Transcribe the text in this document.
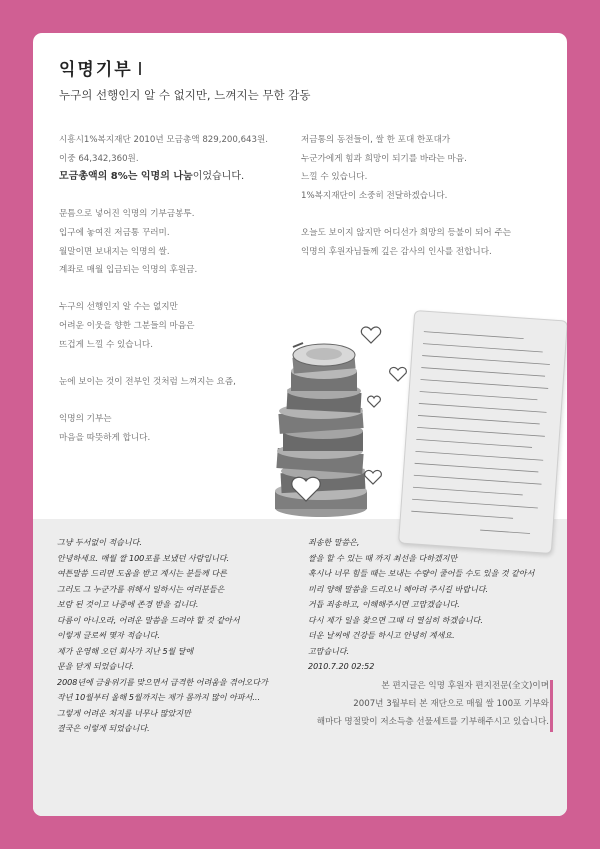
익명기부
누구의 선행인지 알 수 없지만, 느껴지는 무한 감동

시흥시1%복지재단 2010년 모금총액 829,200,643원.

이중 64,342,360원.

모금총액의 8%는 익명의 나눔이었습니다.

문틈으로 넣어진 익명의 기부금봉투.

입구에 놓여진 저금통 꾸러미.

월말이면 보내지는 익명의 쌀.

계좌로 매월 입금되는 익명의 후원금.

누구의 선행인지 알 수는 없지만

어려운 이웃을 향한 그분들의 마음은

뜨겁게 느낄 수 있습니다.

눈에 보이는 것이 전부인 것처럼 느껴지는 요즘,

익명의 기부는

마음을 따뜻하게 합니다.

저금통의 동전들이, 쌀 한 포대 한포대가

누군가에게 힘과 희망이 되기를 바라는 마음.

느낄 수 있습니다.

1%복지재단이 소중히 전달하겠습니다.

오늘도 보이지 않지만 어디선가 희망의 등불이 되어 주는

익명의 후원자님들께 깊은 감사의 인사를 전합니다.

그냥 두서없이 적습니다.

안녕하세요. 매월 쌀 100포를 보냈던 사람입니다.

여튼말씀 드리면 도움을 받고 계시는 분들께 다른

그러도 그 누군가를 위해서 일하시는 여러분들은

보람 된 것이고 나중에 존경 받을 겁니다.

다름이 아니오라, 어려운 말씀을 드려야 할 것 같아서

이렇게 글로써 몇자 적습니다.

제가 운영해 오던 회사가 지난 5월 달에

문을 닫게 되었습니다.

2008년에 금융위기를 맞으면서 급격한 어려움을 겪어오다가

작년 10월부터 올해 5월까지는 제가 몸까지 많이 아파서...

그렇게 어려운 처지를 너무나 많았지만

결국은 이렇게 되었습니다.

죄송한 말씀은,

쌀을 할 수 있는 때 까지 최선을 다하겠지만

혹시나 너무 힘들 때는 보내는 수량이 줄어들 수도 있을 것 같아서

미리 양해 말씀을 드리오니 헤아려 주시길 바랍니다.

거듭 죄송하고, 이해해주시면 고맙겠습니다.

다시 제가 일을 찾으면 그때 더 열심히 하겠습니다.

더운 날씨에 건강들 하시고 안녕히 계세요.

고맙습니다.

2010.7.20 02:52

본 편지글은 익명 후원자 편지전문(全文)이며

2007년 3월부터 본 재단으로 매월 쌀 100포 기부와

해마다 명절맞이 저소득층 선물세트를 기부해주시고 있습니다.
